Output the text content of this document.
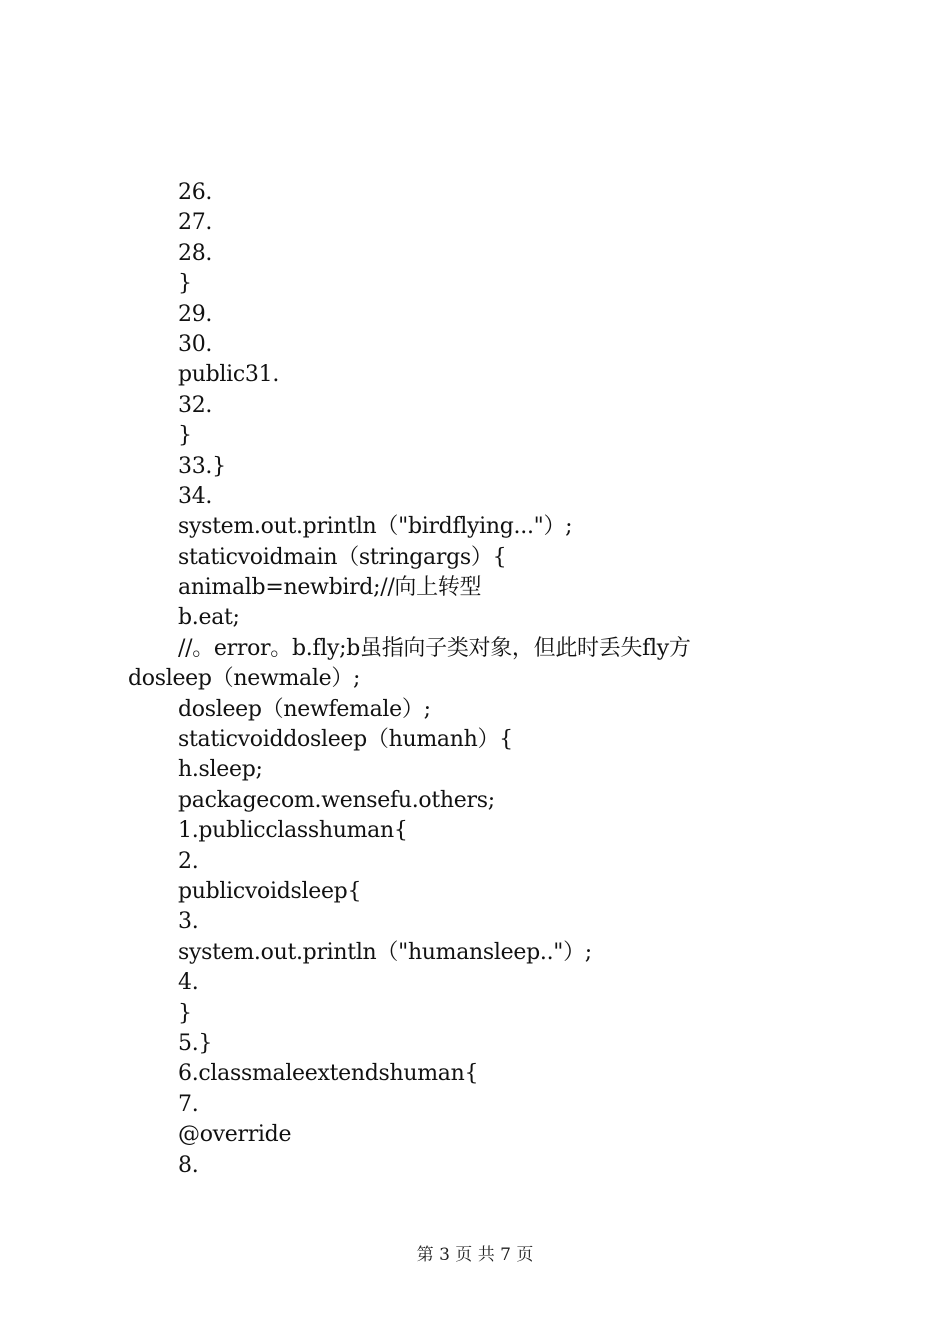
26.
27.
28.
}
29.
30.
public31.
32.
}
33.}
34.
system.out.println（"birdflying..."）;
staticvoidmain（stringargs）{
animalb=newbird;//向上转型
b.eat;
//。error。b.fly;b虽指向子类对象，但此时丢失fly方
dosleep（newmale）;
dosleep（newfemale）;
staticvoiddosleep（humanh）{
h.sleep;
packagecom.wensefu.others;
1.publicclasshuman{
2.
publicvoidsleep{
3.
system.out.println（"humansleep.."）;
4.
}
5.}
6.classmaleextendshuman{
7.
@override
8.
第 3 页 共 7 页
